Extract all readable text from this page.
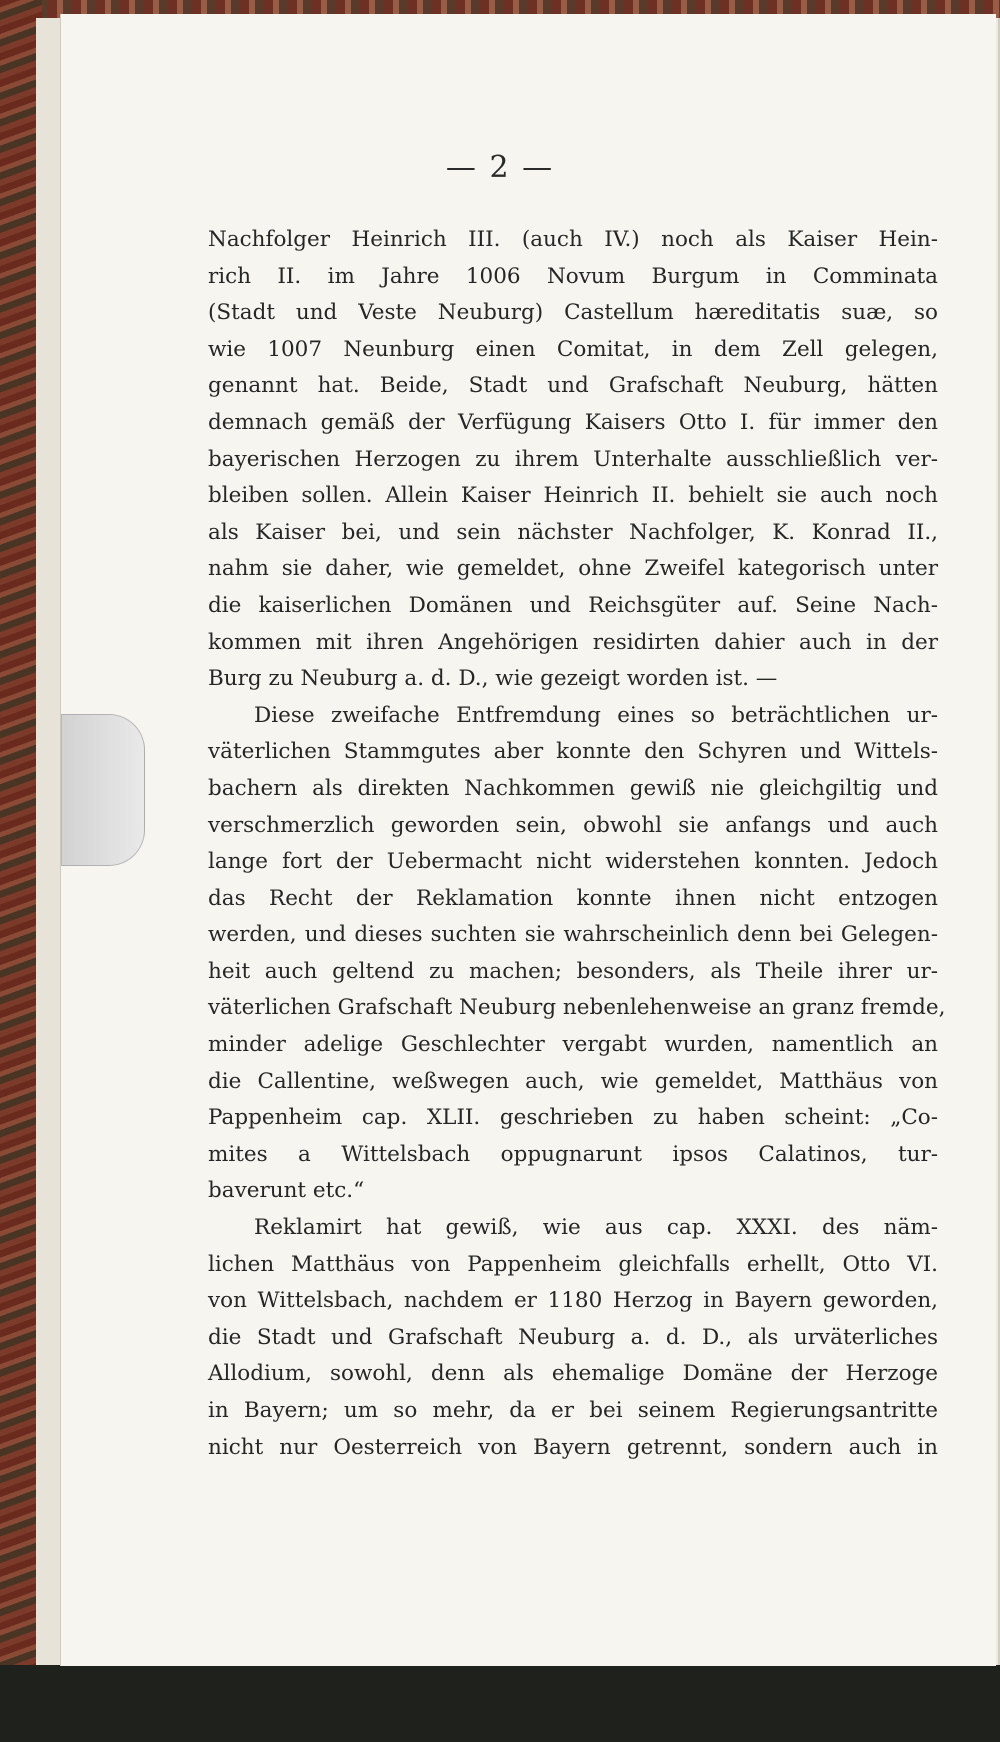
— 2 —
Nachfolger Heinrich III. (auch IV.) noch als Kaiser Hein-
rich II. im Jahre 1006 Novum Burgum in Comminata
(Stadt und Veste Neuburg) Castellum hæreditatis suæ, so
wie 1007 Neunburg einen Comitat, in dem Zell gelegen,
genannt hat. Beide, Stadt und Grafschaft Neuburg, hätten
demnach gemäß der Verfügung Kaisers Otto I. für immer den
bayerischen Herzogen zu ihrem Unterhalte ausschließlich ver-
bleiben sollen. Allein Kaiser Heinrich II. behielt sie auch noch
als Kaiser bei, und sein nächster Nachfolger, K. Konrad II.,
nahm sie daher, wie gemeldet, ohne Zweifel kategorisch unter
die kaiserlichen Domänen und Reichsgüter auf. Seine Nach-
kommen mit ihren Angehörigen residirten dahier auch in der
Burg zu Neuburg a. d. D., wie gezeigt worden ist. —
Diese zweifache Entfremdung eines so beträchtlichen ur-
väterlichen Stammgutes aber konnte den Schyren und Wittels-
bachern als direkten Nachkommen gewiß nie gleichgiltig und
verschmerzlich geworden sein, obwohl sie anfangs und auch
lange fort der Uebermacht nicht widerstehen konnten. Jedoch
das Recht der Reklamation konnte ihnen nicht entzogen
werden, und dieses suchten sie wahrscheinlich denn bei Gelegen-
heit auch geltend zu machen; besonders, als Theile ihrer ur-
väterlichen Grafschaft Neuburg nebenlehenweise an granz fremde,
minder adelige Geschlechter vergabt wurden, namentlich an
die Callentine, weßwegen auch, wie gemeldet, Matthäus von
Pappenheim cap. XLII. geschrieben zu haben scheint: „Co-
mites a Wittelsbach oppugnarunt ipsos Calatinos, tur-
baverunt etc.“
Reklamirt hat gewiß, wie aus cap. XXXI. des näm-
lichen Matthäus von Pappenheim gleichfalls erhellt, Otto VI.
von Wittelsbach, nachdem er 1180 Herzog in Bayern geworden,
die Stadt und Grafschaft Neuburg a. d. D., als urväterliches
Allodium, sowohl, denn als ehemalige Domäne der Herzoge
in Bayern; um so mehr, da er bei seinem Regierungsantritte
nicht nur Oesterreich von Bayern getrennt, sondern auch in
